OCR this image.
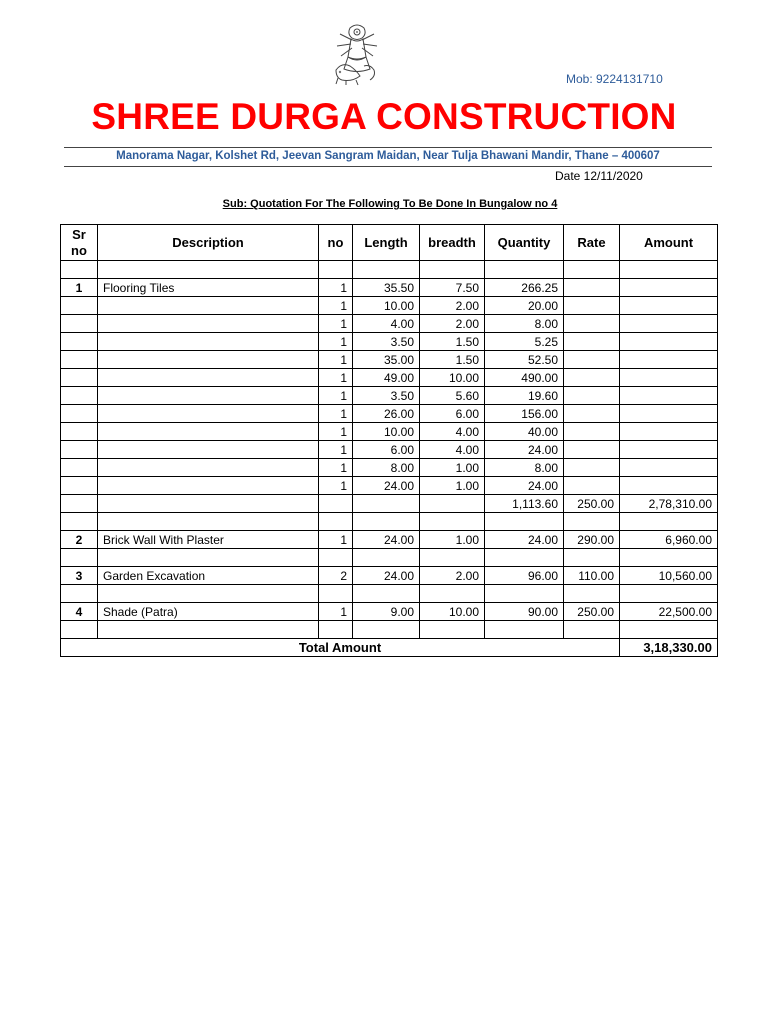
Mob: 9224131710
SHREE DURGA CONSTRUCTION
Manorama Nagar, Kolshet Rd, Jeevan Sangram Maidan, Near Tulja Bhawani Mandir, Thane – 400607
Date 12/11/2020
Sub: Quotation For The Following To Be Done In Bungalow no 4
Sr
no	Description	no	Length	breadth	Quantity	Rate	Amount

1	Flooring Tiles	1	35.50	7.50	266.25		
		1	10.00	2.00	20.00		
		1	4.00	2.00	8.00		
		1	3.50	1.50	5.25		
		1	35.00	1.50	52.50		
		1	49.00	10.00	490.00		
		1	3.50	5.60	19.60		
		1	26.00	6.00	156.00		
		1	10.00	4.00	40.00		
		1	6.00	4.00	24.00		
		1	8.00	1.00	8.00		
		1	24.00	1.00	24.00		
					1,113.60	250.00	2,78,310.00

2	Brick Wall With Plaster	1	24.00	1.00	24.00	290.00	6,960.00

3	Garden Excavation	2	24.00	2.00	96.00	110.00	10,560.00

4	Shade (Patra)	1	9.00	10.00	90.00	250.00	22,500.00

Total Amount							3,18,330.00
